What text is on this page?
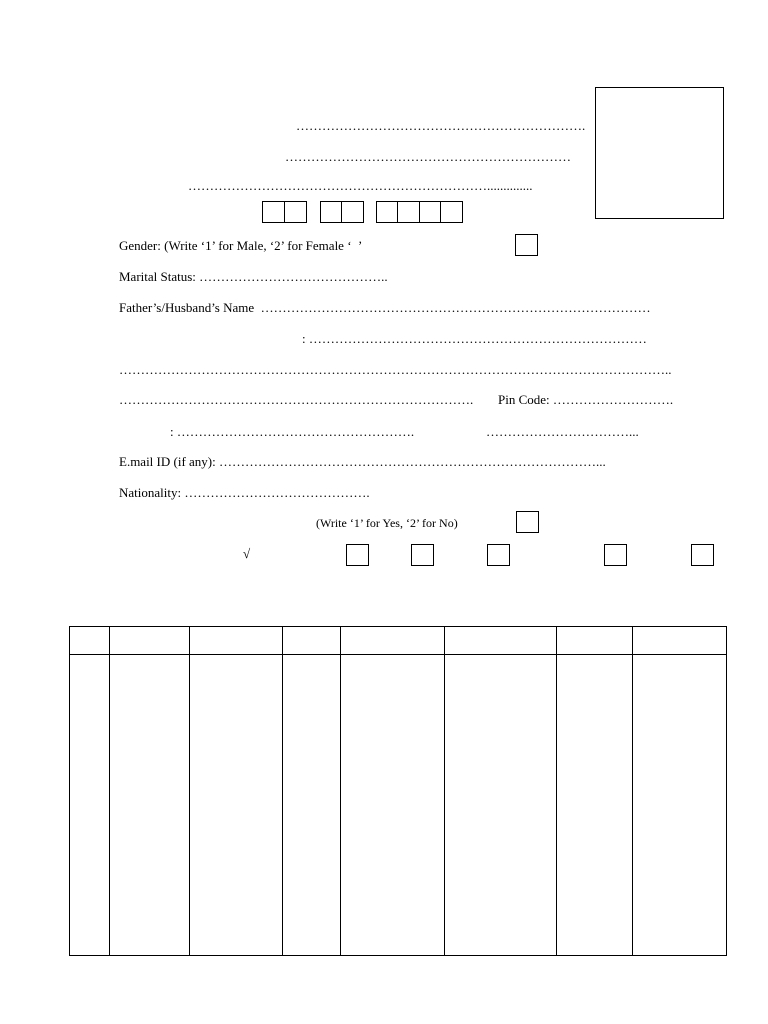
………………………………………………………….
…………………………………………………………
……………………………………………………………..............
Gender: (Write ‘1’ for Male, ‘2’ for Female ‘  ’
Marital Status: ……………………………………..
Father’s/Husband’s Name  ………………………………………………………………………………
: ……………………………………………………………………
………………………………………………………………………………………………………………..
………………………………………………………………………. Pin Code: ……………………….
: ……………………………………………….	……………………………...
E.mail ID (if any): ……………………………………………………………………………...
Nationality: …………………………………….
(Write ‘1’ for Yes, ‘2’ for No)
√
